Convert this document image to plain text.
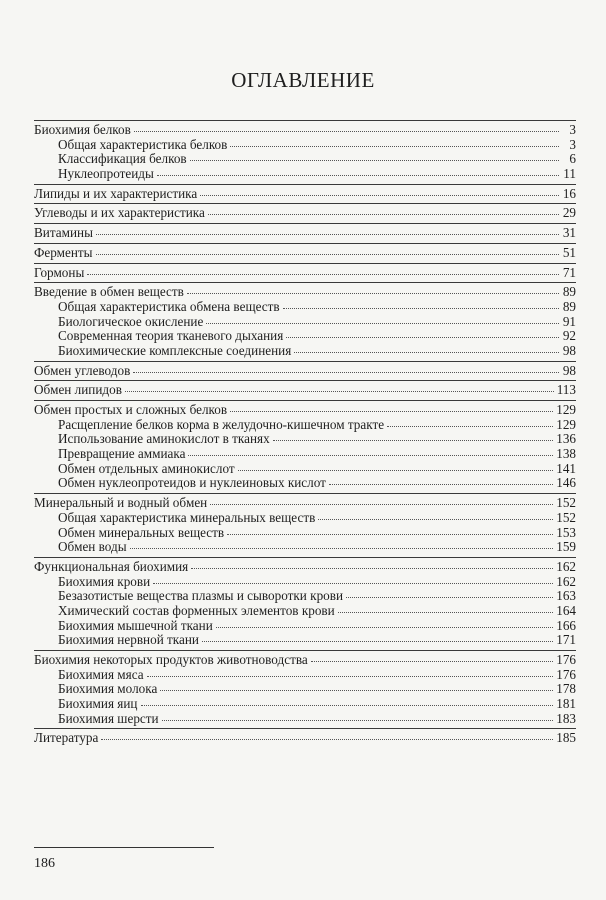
ОГЛАВЛЕНИЕ
Биохимия белков	3
Общая характеристика белков	3
Классификация белков	6
Нуклеопротеиды	11
Липиды и их характеристика	16
Углеводы и их характеристика	29
Витамины	31
Ферменты	51
Гормоны	71
Введение в обмен веществ	89
Общая характеристика обмена веществ	89
Биологическое окисление	91
Современная теория тканевого дыхания	92
Биохимические комплексные соединения	98
Обмен углеводов	98
Обмен липидов	113
Обмен простых и сложных белков	129
Расщепление белков корма в желудочно-кишечном тракте	129
Использование аминокислот в тканях	136
Превращение аммиака	138
Обмен отдельных аминокислот	141
Обмен нуклеопротеидов и нуклеиновых кислот	146
Минеральный и водный обмен	152
Общая характеристика минеральных веществ	152
Обмен минеральных веществ	153
Обмен воды	159
Функциональная биохимия	162
Биохимия крови	162
Безазотистые вещества плазмы и сыворотки крови	163
Химический состав форменных элементов крови	164
Биохимия мышечной ткани	166
Биохимия нервной ткани	171
Биохимия некоторых продуктов животноводства	176
Биохимия мяса	176
Биохимия молока	178
Биохимия яиц	181
Биохимия шерсти	183
Литература	185
186
